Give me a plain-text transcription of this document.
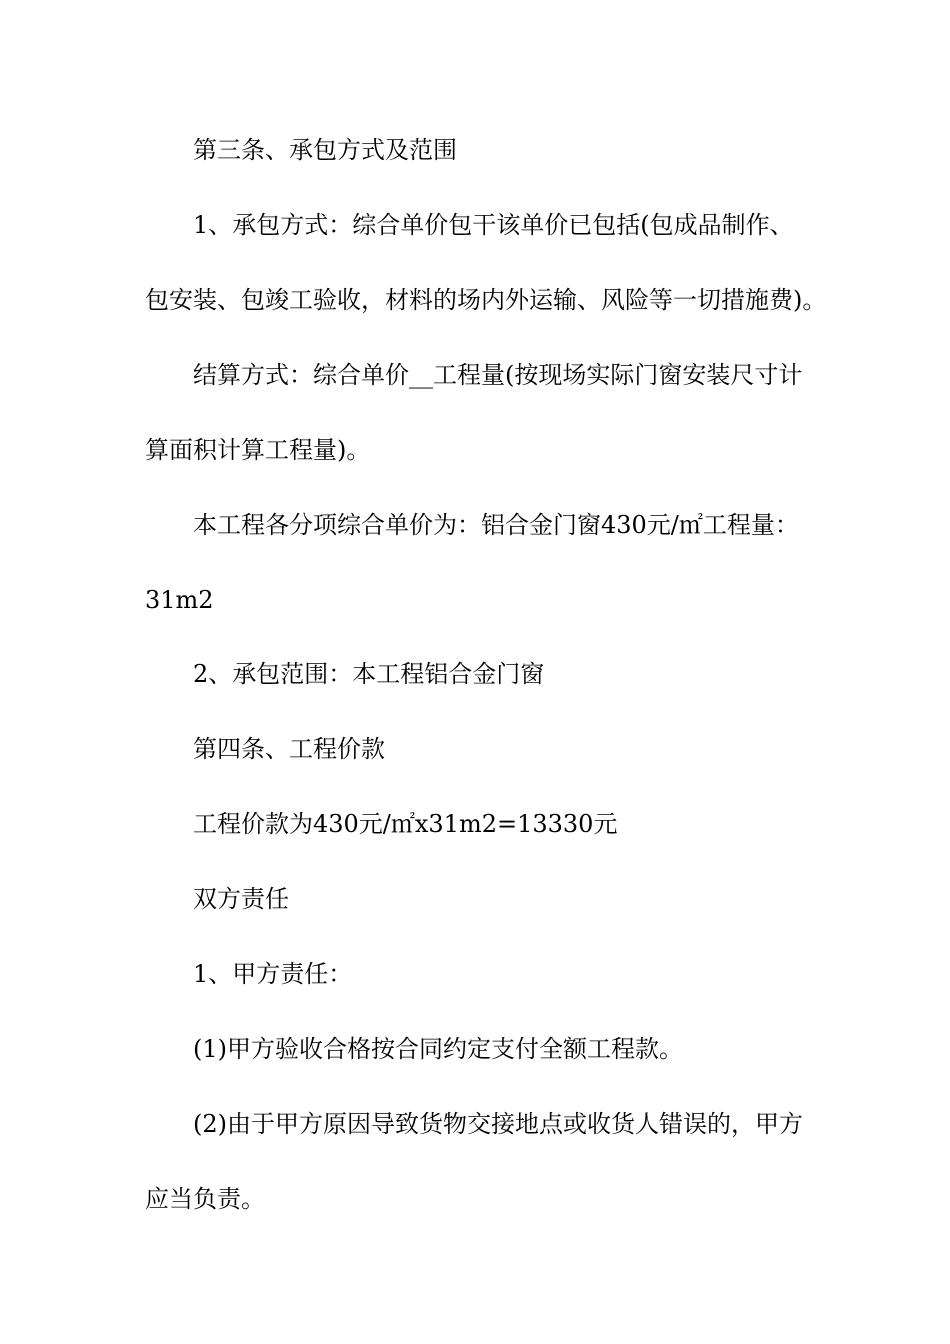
第三条、承包方式及范围
1、承包方式：综合单价包干该单价已包括(包成品制作、
包安装、包竣工验收，材料的场内外运输、风险等一切措施费)。
结算方式：综合单价__工程量(按现场实际门窗安装尺寸计
算面积计算工程量)。
本工程各分项综合单价为：铝合金门窗430元/㎡工程量：
31m2
2、承包范围：本工程铝合金门窗
第四条、工程价款
工程价款为430元/㎡x31m2=13330元
双方责任
1、甲方责任：
(1)甲方验收合格按合同约定支付全额工程款。
(2)由于甲方原因导致货物交接地点或收货人错误的，甲方
应当负责。
